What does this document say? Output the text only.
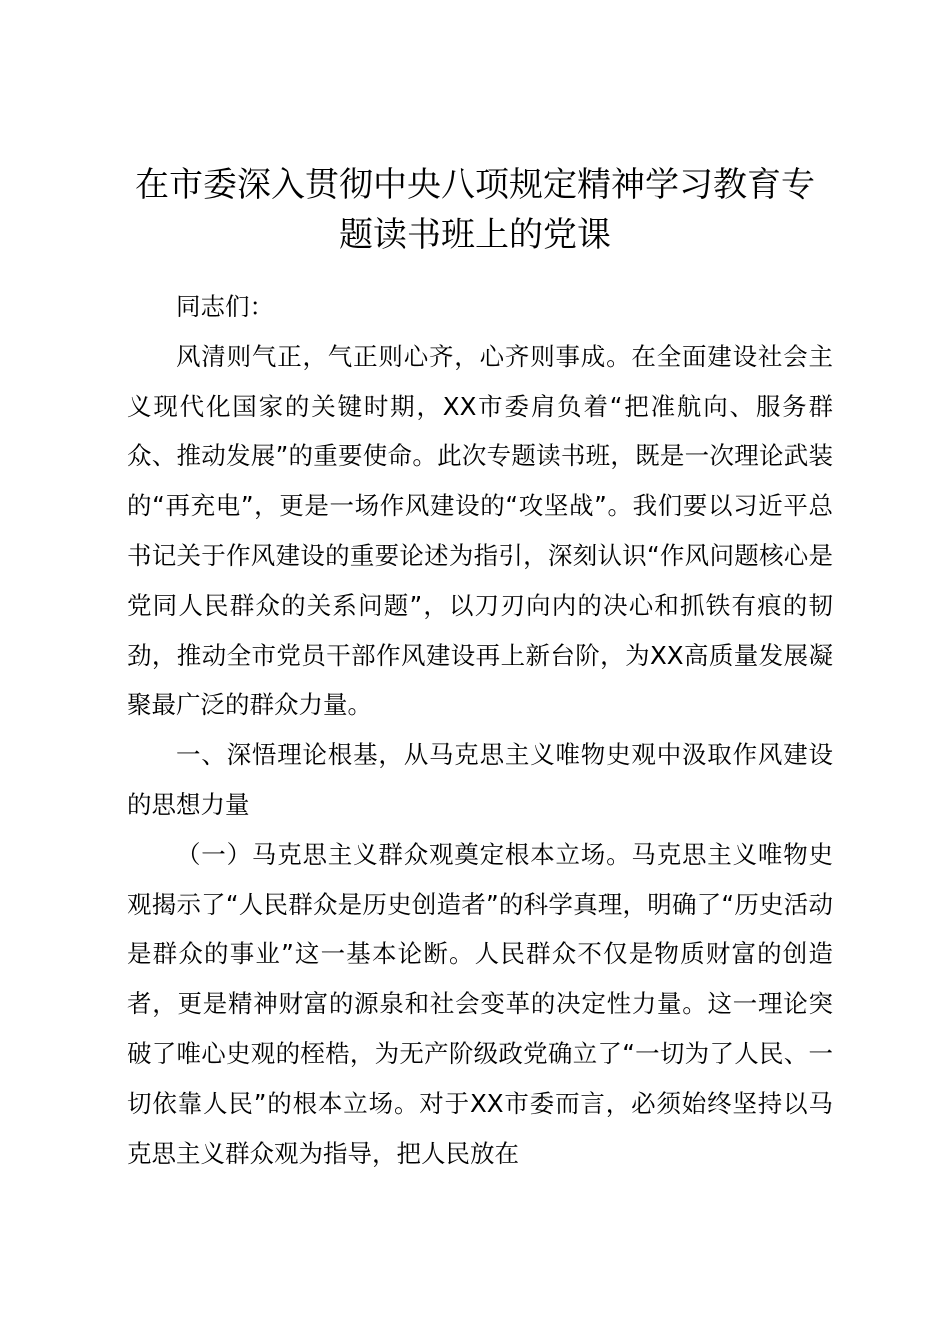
在市委深入贯彻中央八项规定精神学习教育专题读书班上的党课

同志们：

风清则气正，气正则心齐，心齐则事成。在全面建设社会主义现代化国家的关键时期，XX市委肩负着“把准航向、服务群众、推动发展”的重要使命。此次专题读书班，既是一次理论武装的“再充电”，更是一场作风建设的“攻坚战”。我们要以习近平总书记关于作风建设的重要论述为指引，深刻认识“作风问题核心是党同人民群众的关系问题”，以刀刃向内的决心和抓铁有痕的韧劲，推动全市党员干部作风建设再上新台阶，为XX高质量发展凝聚最广泛的群众力量。

一、深悟理论根基，从马克思主义唯物史观中汲取作风建设的思想力量

（一）马克思主义群众观奠定根本立场。马克思主义唯物史观揭示了“人民群众是历史创造者”的科学真理，明确了“历史活动是群众的事业”这一基本论断。人民群众不仅是物质财富的创造者，更是精神财富的源泉和社会变革的决定性力量。这一理论突破了唯心史观的桎梏，为无产阶级政党确立了“一切为了人民、一切依靠人民”的根本立场。对于XX市委而言，必须始终坚持以马克思主义群众观为指导，把人民放在
